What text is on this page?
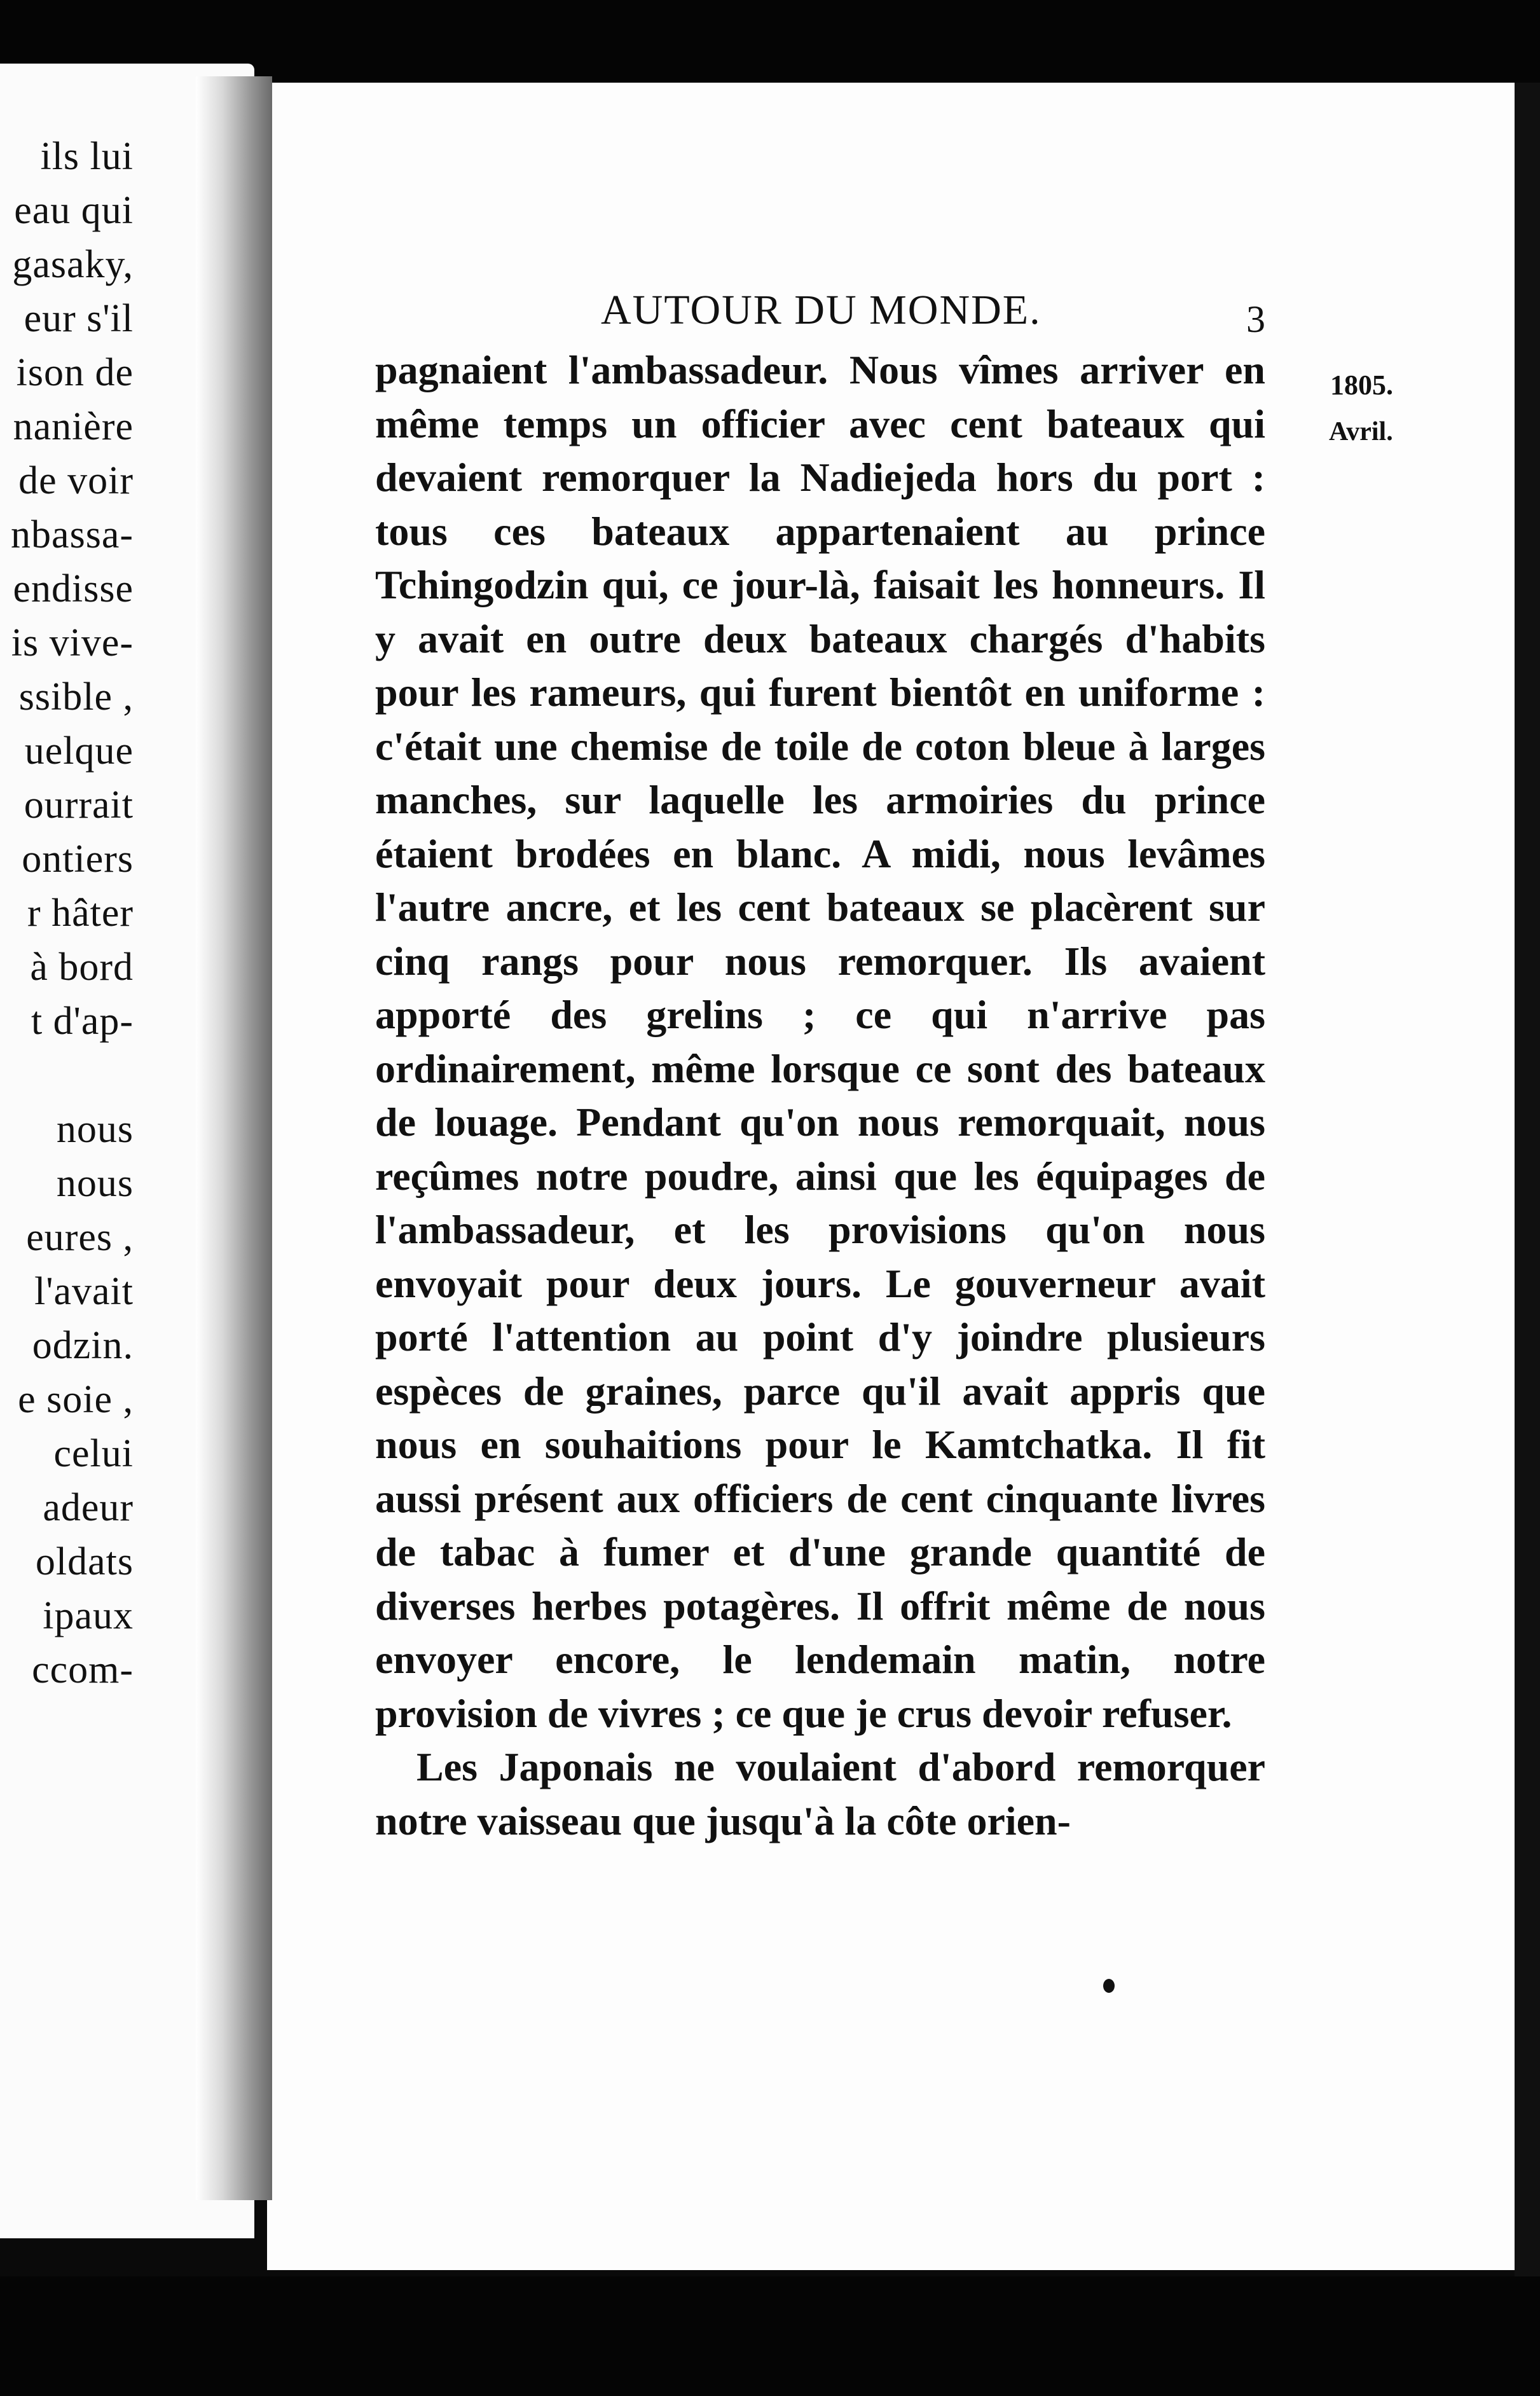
ils lui
eau qui
gasaky,
eur s'il
ison de
nanière
de voir
nbassa-
endisse
is vive-
ssible ,
uelque
ourrait
ontiers
r hâter
à bord
t d'ap-
nous
nous
eures ,
l'avait
odzin.
e soie ,
celui
adeur
oldats
ipaux
ccom-
AUTOUR DU MONDE.	3
1805.
Avril.

pagnaient l'ambassadeur. Nous vîmes arriver en même temps un officier avec cent bateaux qui devaient remorquer la Nadiejeda hors du port : tous ces bateaux appartenaient au prince Tchingodzin qui, ce jour-là, faisait les honneurs. Il y avait en outre deux bateaux chargés d'habits pour les rameurs, qui furent bientôt en uniforme : c'était une chemise de toile de coton bleue à larges manches, sur laquelle les armoiries du prince étaient brodées en blanc. A midi, nous levâmes l'autre ancre, et les cent bateaux se placèrent sur cinq rangs pour nous remorquer. Ils avaient apporté des grelins ; ce qui n'arrive pas ordinairement, même lorsque ce sont des bateaux de louage. Pendant qu'on nous remorquait, nous reçûmes notre poudre, ainsi que les équipages de l'ambassadeur, et les provisions qu'on nous envoyait pour deux jours. Le gouverneur avait porté l'attention au point d'y joindre plusieurs espèces de graines, parce qu'il avait appris que nous en souhaitions pour le Kamtchatka. Il fit aussi présent aux officiers de cent cinquante livres de tabac à fumer et d'une grande quantité de diverses herbes potagères. Il offrit même de nous envoyer encore, le lendemain matin, notre provision de vivres ; ce que je crus devoir refuser.

Les Japonais ne voulaient d'abord remorquer notre vaisseau que jusqu'à la côte orien-
